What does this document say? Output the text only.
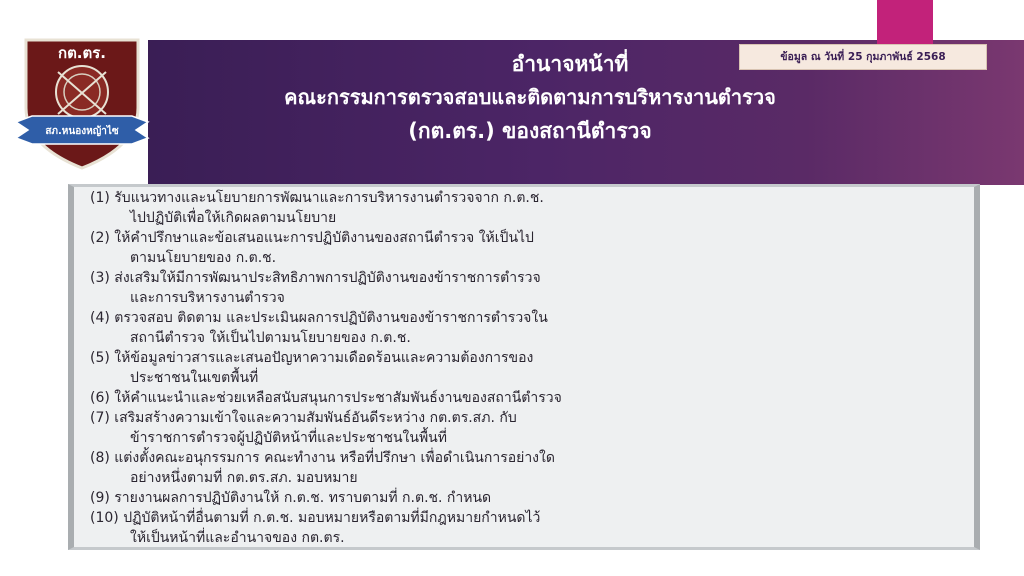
ข้อมูล ณ วันที่ 25 กุมภาพันธ์ 2568
อำนาจหน้าที่
คณะกรรมการตรวจสอบและติดตามการบริหารงานตำรวจ
(กต.ตร.) ของสถานีตำรวจ
กต.ตร.
สภ.หนองหญ้าไซ
(1) รับแนวทางและนโยบายการพัฒนาและการบริหารงานตำรวจจาก ก.ต.ช.
ไปปฏิบัติเพื่อให้เกิดผลตามนโยบาย
(2) ให้คำปรึกษาและข้อเสนอแนะการปฏิบัติงานของสถานีตำรวจ ให้เป็นไป
ตามนโยบายของ ก.ต.ช.
(3) ส่งเสริมให้มีการพัฒนาประสิทธิภาพการปฏิบัติงานของข้าราชการตำรวจ
และการบริหารงานตำรวจ
(4) ตรวจสอบ ติดตาม และประเมินผลการปฏิบัติงานของข้าราชการตำรวจใน
สถานีตำรวจ ให้เป็นไปตามนโยบายของ ก.ต.ช.
(5) ให้ข้อมูลข่าวสารและเสนอปัญหาความเดือดร้อนและความต้องการของ
ประชาชนในเขตพื้นที่
(6) ให้คำแนะนำและช่วยเหลือสนับสนุนการประชาสัมพันธ์งานของสถานีตำรวจ
(7) เสริมสร้างความเข้าใจและความสัมพันธ์อันดีระหว่าง กต.ตร.สภ. กับ
ข้าราชการตำรวจผู้ปฏิบัติหน้าที่และประชาชนในพื้นที่
(8) แต่งตั้งคณะอนุกรรมการ คณะทำงาน หรือที่ปรึกษา เพื่อดำเนินการอย่างใด
อย่างหนึ่งตามที่ กต.ตร.สภ. มอบหมาย
(9) รายงานผลการปฏิบัติงานให้ ก.ต.ช. ทราบตามที่ ก.ต.ช. กำหนด
(10) ปฏิบัติหน้าที่อื่นตามที่ ก.ต.ช. มอบหมายหรือตามที่มีกฎหมายกำหนดไว้
ให้เป็นหน้าที่และอำนาจของ กต.ตร.
